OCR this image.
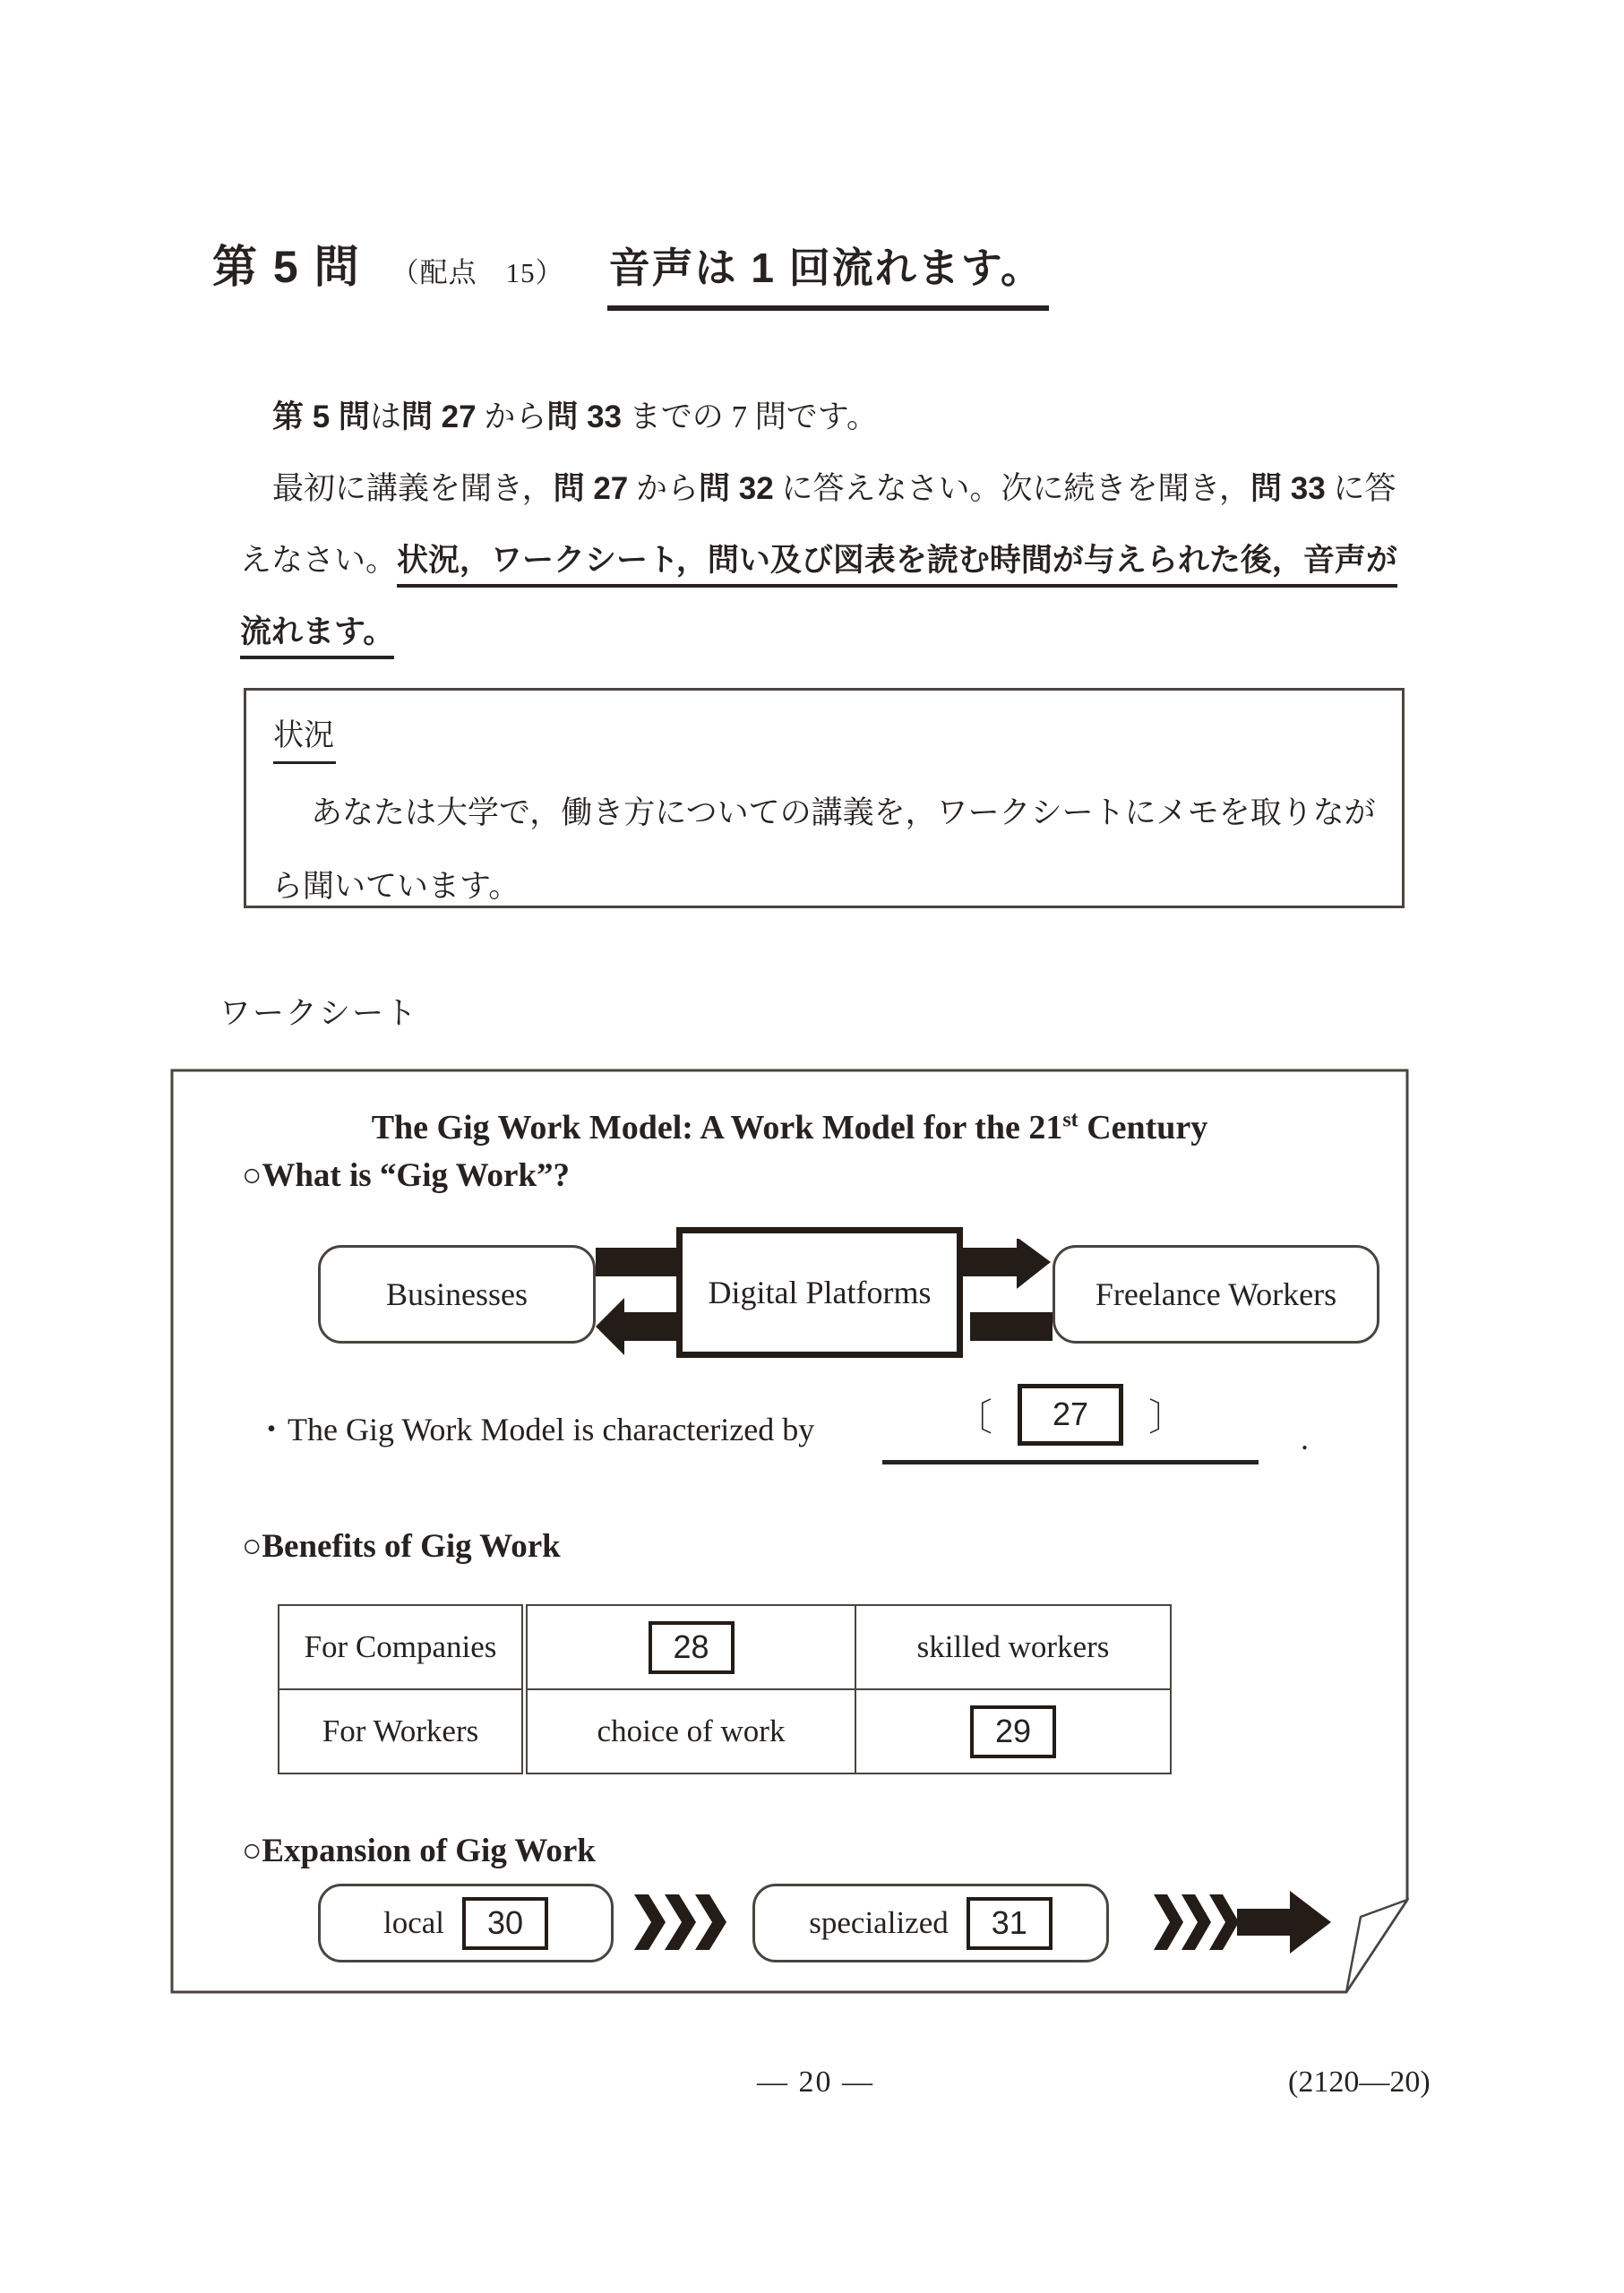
第 5 問 （配点　15） 音声は 1 回流れます。
第 5 問は問 27 から問 33 までの 7 問です。
最初に講義を聞き，問 27 から問 32 に答えなさい。次に続きを聞き，問 33 に答
えなさい。状況，ワークシート，問い及び図表を読む時間が与えられた後，音声が
流れます。
状況
あなたは大学で，働き方についての講義を，ワークシートにメモを取りなが
ら聞いています。
ワークシート
The Gig Work Model: A Work Model for the 21st Century
○What is “Gig Work”?
Businesses	Digital Platforms	Freelance Workers
・The Gig Work Model is characterized by	〔	27	〕	.
○Benefits of Gig Work
For Companies	28	skilled workers
For Workers	choice of work	29
○Expansion of Gig Work
local	30	specialized	31
— 20 —	(2120—20)
